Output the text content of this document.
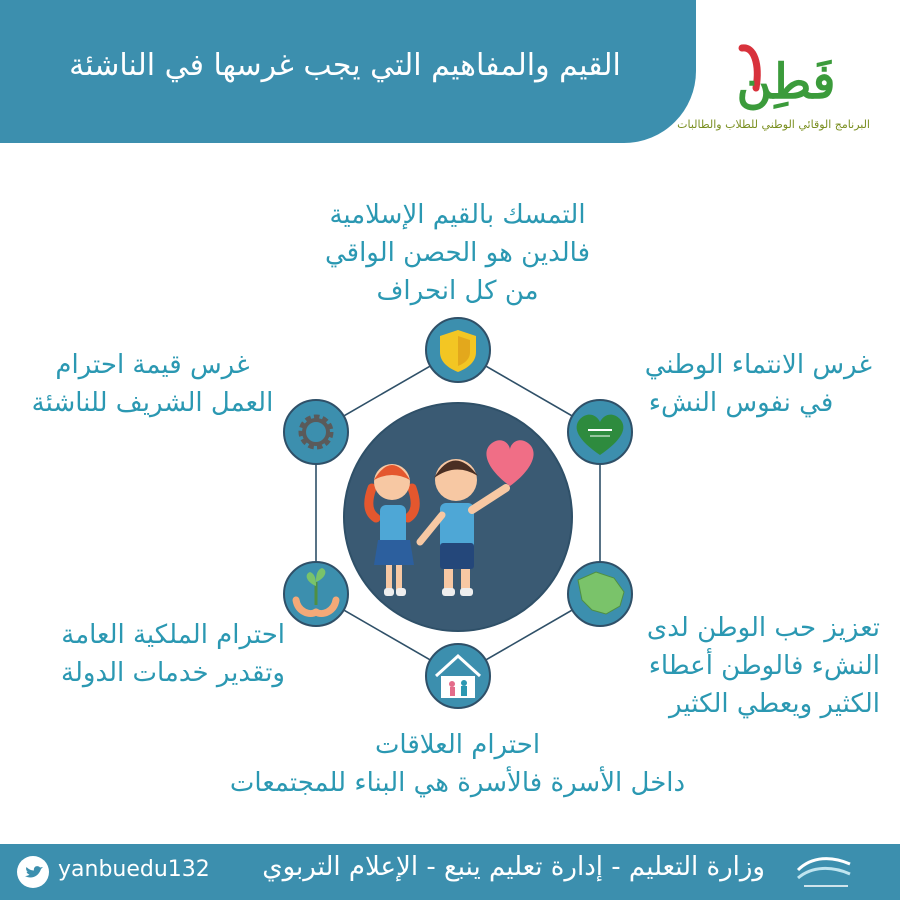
القيم والمفاهيم التي يجب غرسها في الناشئة	فَطِن
البرنامج الوقائي الوطني للطلاب والطالبات
التمسك بالقيم الإسلامية
فالدين هو الحصن الواقي
من كل انحراف
غرس الانتماء الوطني
في نفوس النشء
تعزيز حب الوطن لدى
النشء فالوطن أعطاء
الكثير ويعطي الكثير
احترام العلاقات
داخل الأسرة فالأسرة هي البناء للمجتمعات
احترام الملكية العامة
وتقدير خدمات الدولة
غرس قيمة احترام
العمل الشريف للناشئة
وزارة التعليم - إدارة تعليم ينبع - الإعلام التربوي
yanbuedu132
